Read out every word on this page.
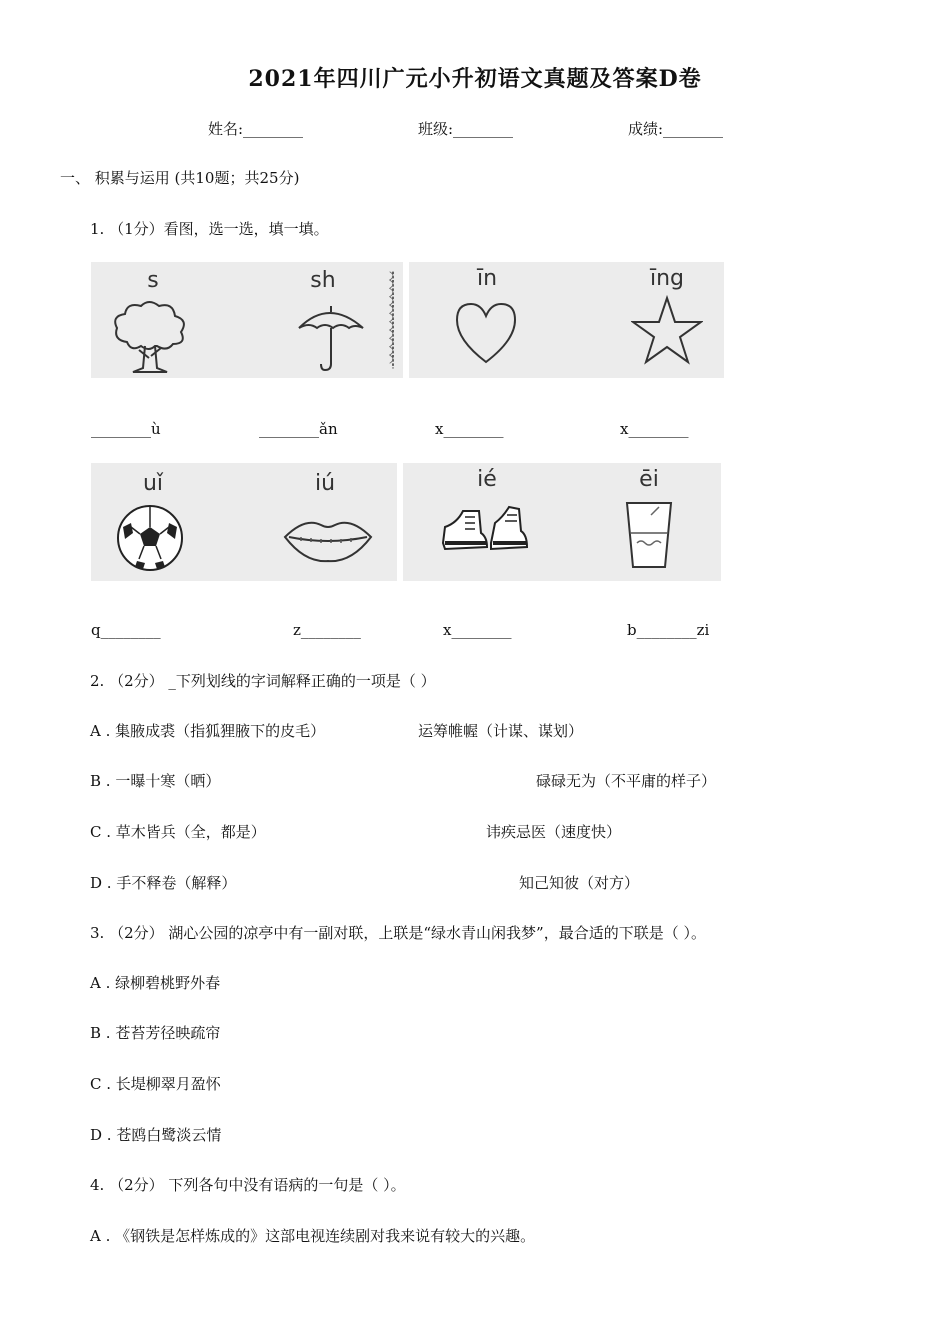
2021年四川广元小升初语文真题及答案D卷
姓名:________	班级:________	成绩:________
一、 积累与运用 (共10题；共25分)
1. （1分）看图，选一选，填一填。
s	sh	īn	īng
________ù	________ǎn	x________	x________
uǐ	iú	ié	ēi
q________	z________	x________	b________zi
2. （2分） _下列划线的字词解释正确的一项是（ ）
A . 集腋成裘（指狐狸腋下的皮毛）	运筹帷幄（计谋、谋划）
B . 一曝十寒（晒）	碌碌无为（不平庸的样子）
C . 草木皆兵（全，都是）	讳疾忌医（速度快）
D . 手不释卷（解释）	知己知彼（对方）
3. （2分） 湖心公园的凉亭中有一副对联，上联是“绿水青山闲我梦”，最合适的下联是（ ）。
A . 绿柳碧桃野外春
B . 苍苔芳径映疏帘
C . 长堤柳翠月盈怀
D . 苍鸥白鹭淡云情
4. （2分） 下列各句中没有语病的一句是（ ）。
A . 《钢铁是怎样炼成的》这部电视连续剧对我来说有较大的兴趣。
